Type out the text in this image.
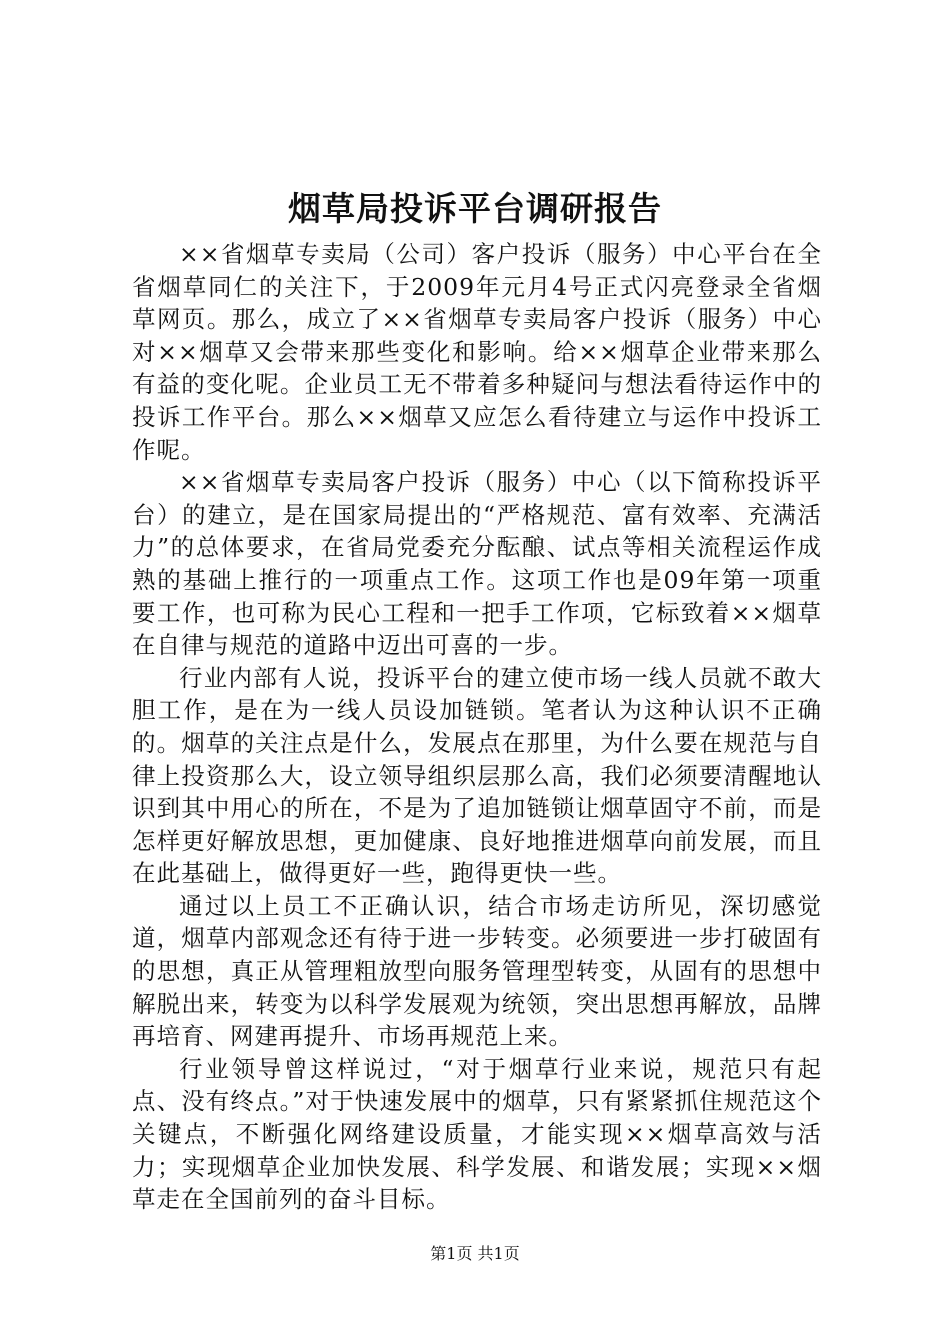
烟草局投诉平台调研报告

××省烟草专卖局（公司）客户投诉（服务）中心平台在全省烟草同仁的关注下，于2009年元月4号正式闪亮登录全省烟草网页。那么，成立了××省烟草专卖局客户投诉（服务）中心对××烟草又会带来那些变化和影响。给××烟草企业带来那么有益的变化呢。企业员工无不带着多种疑问与想法看待运作中的投诉工作平台。那么××烟草又应怎么看待建立与运作中投诉工作呢。

××省烟草专卖局客户投诉（服务）中心（以下简称投诉平台）的建立，是在国家局提出的“严格规范、富有效率、充满活力”的总体要求，在省局党委充分酝酿、试点等相关流程运作成熟的基础上推行的一项重点工作。这项工作也是09年第一项重要工作，也可称为民心工程和一把手工作项，它标致着××烟草在自律与规范的道路中迈出可喜的一步。

行业内部有人说，投诉平台的建立使市场一线人员就不敢大胆工作，是在为一线人员设加链锁。笔者认为这种认识不正确的。烟草的关注点是什么，发展点在那里，为什么要在规范与自律上投资那么大，设立领导组织层那么高，我们必须要清醒地认识到其中用心的所在，不是为了追加链锁让烟草固守不前，而是怎样更好解放思想，更加健康、良好地推进烟草向前发展，而且在此基础上，做得更好一些，跑得更快一些。

通过以上员工不正确认识，结合市场走访所见，深切感觉道，烟草内部观念还有待于进一步转变。必须要进一步打破固有的思想，真正从管理粗放型向服务管理型转变，从固有的思想中解脱出来，转变为以科学发展观为统领，突出思想再解放，品牌再培育、网建再提升、市场再规范上来。

行业领导曾这样说过，“对于烟草行业来说，规范只有起点、没有终点。”对于快速发展中的烟草，只有紧紧抓住规范这个关键点，不断强化网络建设质量，才能实现××烟草高效与活力；实现烟草企业加快发展、科学发展、和谐发展；实现××烟草走在全国前列的奋斗目标。

第1页 共1页
